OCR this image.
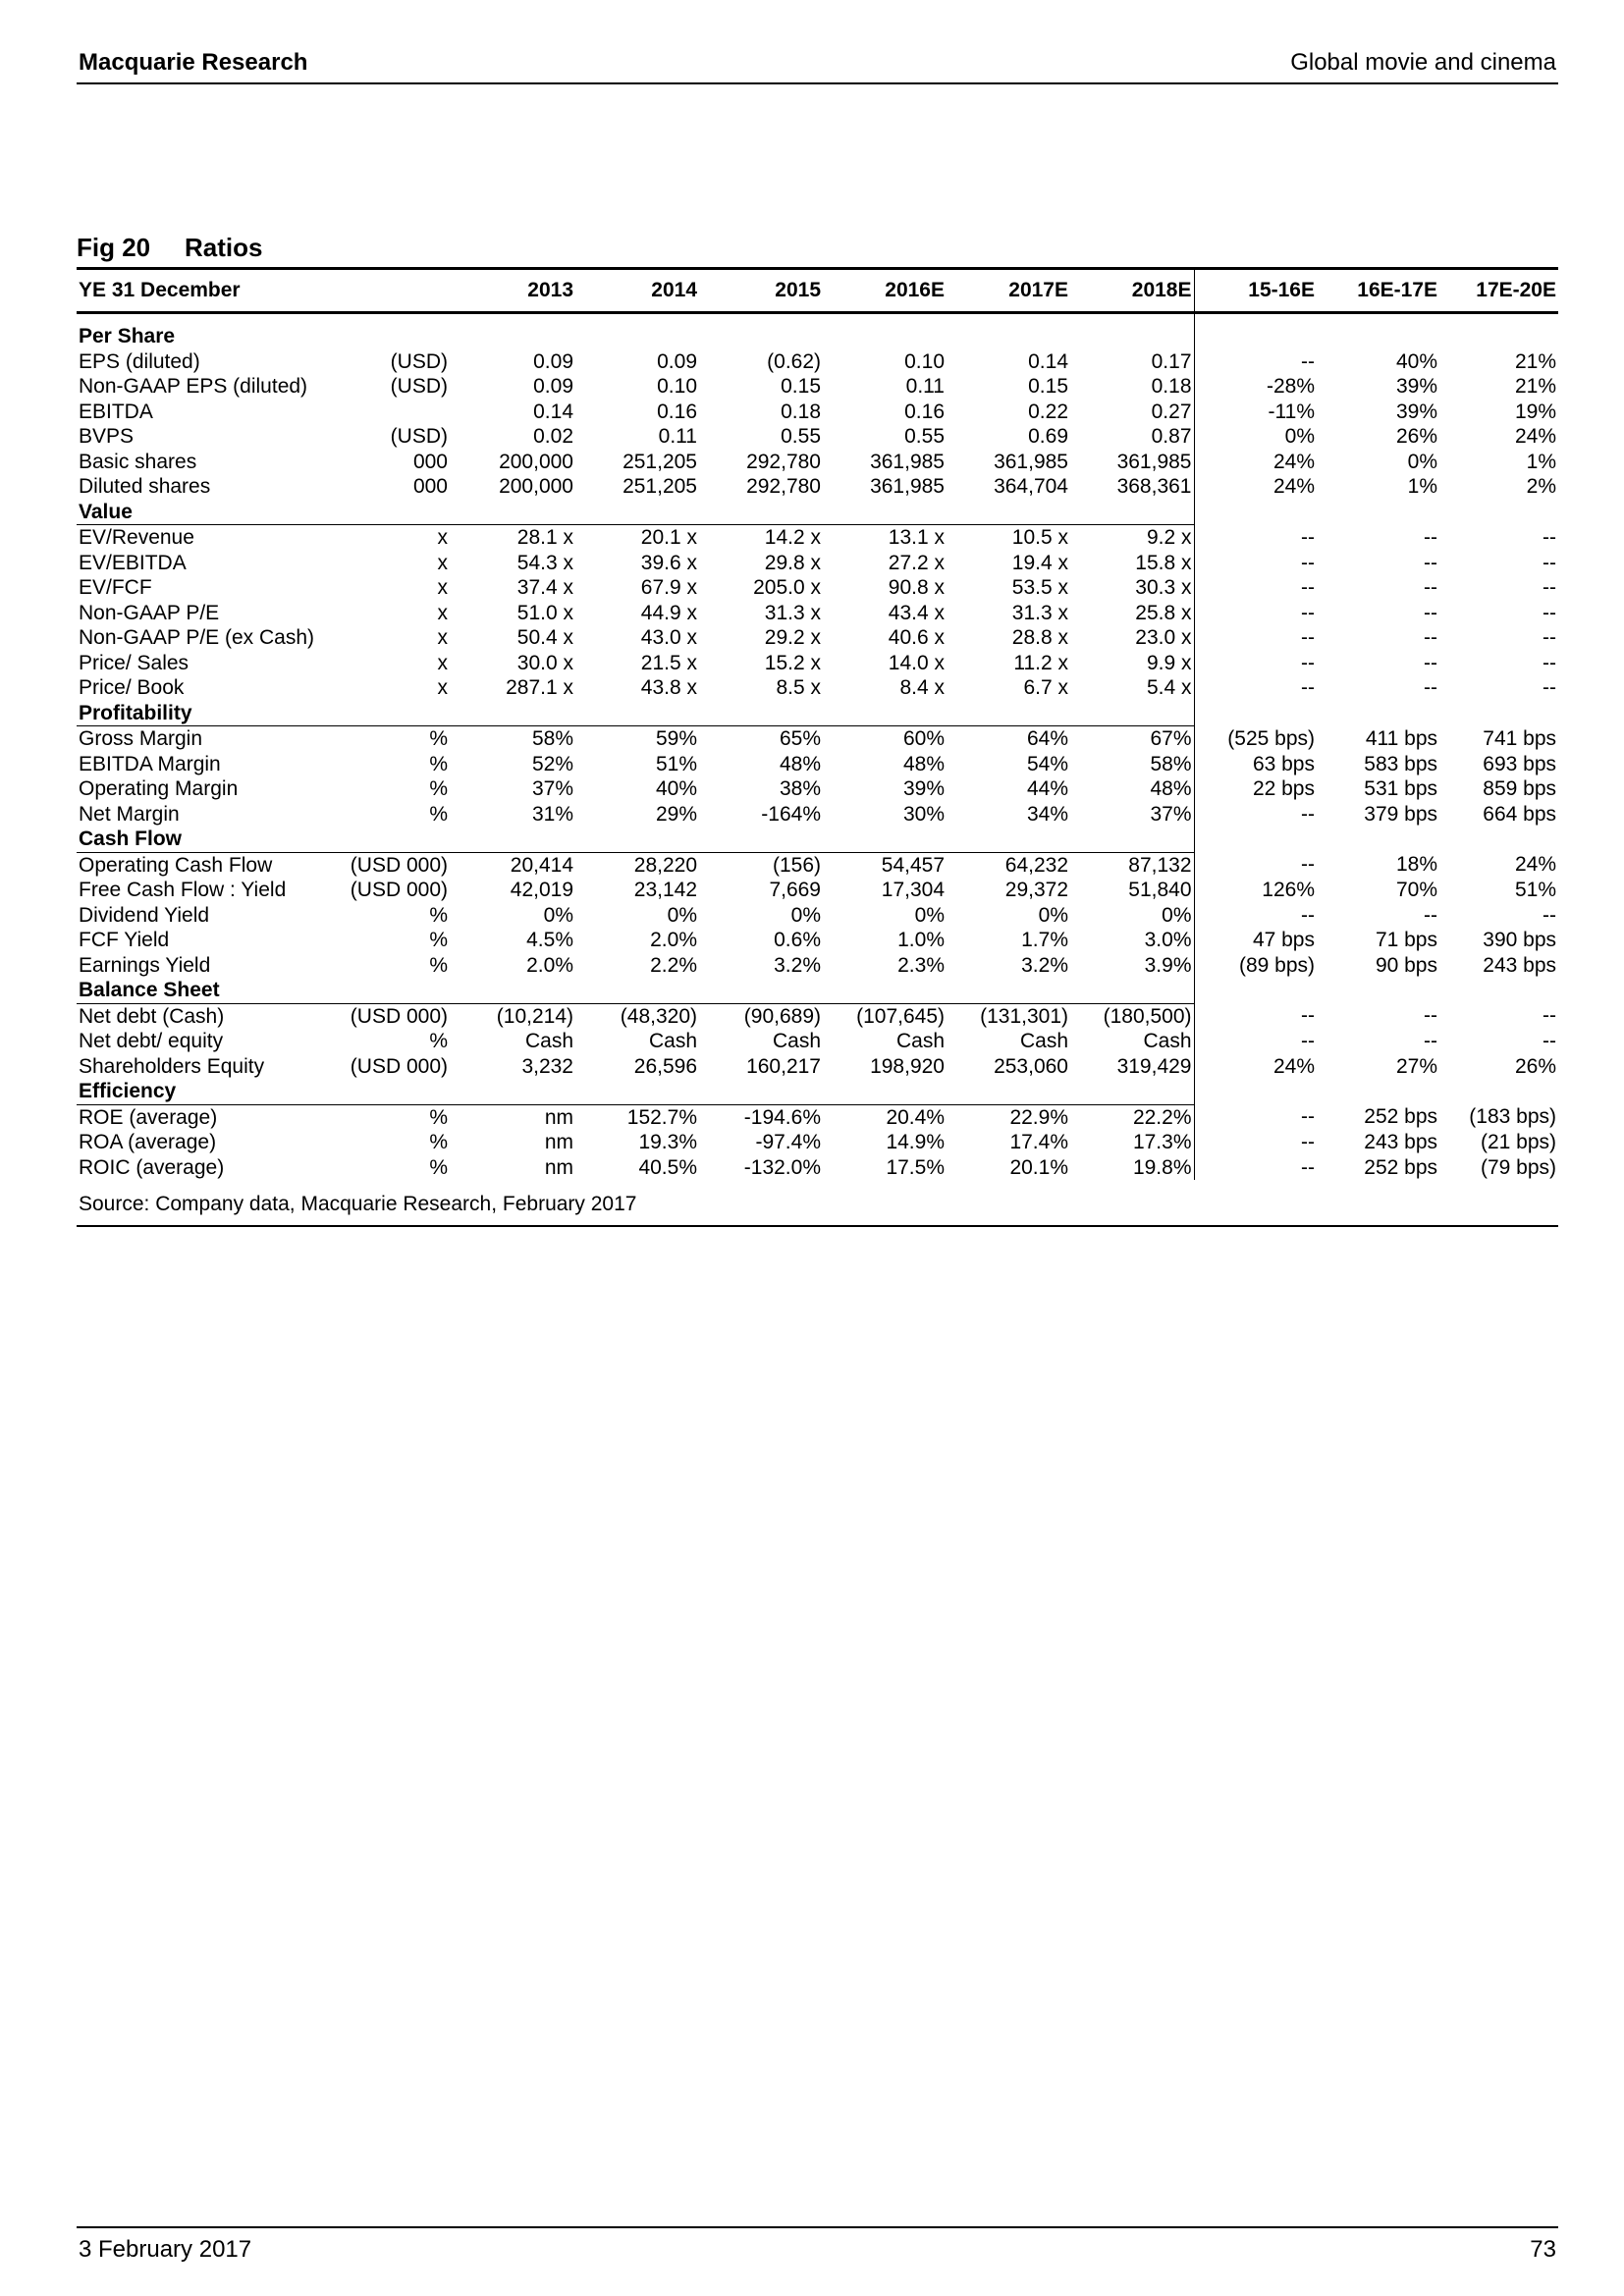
Macquarie Research	Global movie and cinema
Fig 20 Ratios
YE 31 December		2013	2014	2015	2016E	2017E	2018E	15-16E	16E-17E	17E-20E

Per Share										
EPS (diluted)	(USD)	0.09	0.09	(0.62)	0.10	0.14	0.17	--	40%	21%
Non-GAAP EPS (diluted)	(USD)	0.09	0.10	0.15	0.11	0.15	0.18	-28%	39%	21%
EBITDA		0.14	0.16	0.18	0.16	0.22	0.27	-11%	39%	19%
BVPS	(USD)	0.02	0.11	0.55	0.55	0.69	0.87	0%	26%	24%
Basic shares	000	200,000	251,205	292,780	361,985	361,985	361,985	24%	0%	1%
Diluted shares	000	200,000	251,205	292,780	361,985	364,704	368,361	24%	1%	2%
Value										
EV/Revenue	x	28.1 x	20.1 x	14.2 x	13.1 x	10.5 x	9.2 x	--	--	--
EV/EBITDA	x	54.3 x	39.6 x	29.8 x	27.2 x	19.4 x	15.8 x	--	--	--
EV/FCF	x	37.4 x	67.9 x	205.0 x	90.8 x	53.5 x	30.3 x	--	--	--
Non-GAAP P/E	x	51.0 x	44.9 x	31.3 x	43.4 x	31.3 x	25.8 x	--	--	--
Non-GAAP P/E (ex Cash)	x	50.4 x	43.0 x	29.2 x	40.6 x	28.8 x	23.0 x	--	--	--
Price/ Sales	x	30.0 x	21.5 x	15.2 x	14.0 x	11.2 x	9.9 x	--	--	--
Price/ Book	x	287.1 x	43.8 x	8.5 x	8.4 x	6.7 x	5.4 x	--	--	--
Profitability										
Gross Margin	%	58%	59%	65%	60%	64%	67%	(525 bps)	411 bps	741 bps
EBITDA Margin	%	52%	51%	48%	48%	54%	58%	63 bps	583 bps	693 bps
Operating Margin	%	37%	40%	38%	39%	44%	48%	22 bps	531 bps	859 bps
Net Margin	%	31%	29%	-164%	30%	34%	37%	--	379 bps	664 bps
Cash Flow										
Operating Cash Flow	(USD 000)	20,414	28,220	(156)	54,457	64,232	87,132	--	18%	24%
Free Cash Flow : Yield	(USD 000)	42,019	23,142	7,669	17,304	29,372	51,840	126%	70%	51%
Dividend Yield	%	0%	0%	0%	0%	0%	0%	--	--	--
FCF Yield	%	4.5%	2.0%	0.6%	1.0%	1.7%	3.0%	47 bps	71 bps	390 bps
Earnings Yield	%	2.0%	2.2%	3.2%	2.3%	3.2%	3.9%	(89 bps)	90 bps	243 bps
Balance Sheet										
Net debt (Cash)	(USD 000)	(10,214)	(48,320)	(90,689)	(107,645)	(131,301)	(180,500)	--	--	--
Net debt/ equity	%	Cash	Cash	Cash	Cash	Cash	Cash	--	--	--
Shareholders Equity	(USD 000)	3,232	26,596	160,217	198,920	253,060	319,429	24%	27%	26%
Efficiency										
ROE (average)	%	nm	152.7%	-194.6%	20.4%	22.9%	22.2%	--	252 bps	(183 bps)
ROA (average)	%	nm	19.3%	-97.4%	14.9%	17.4%	17.3%	--	243 bps	(21 bps)
ROIC (average)	%	nm	40.5%	-132.0%	17.5%	20.1%	19.8%	--	252 bps	(79 bps)
Source: Company data, Macquarie Research, February 2017										
3 February 2017	73
